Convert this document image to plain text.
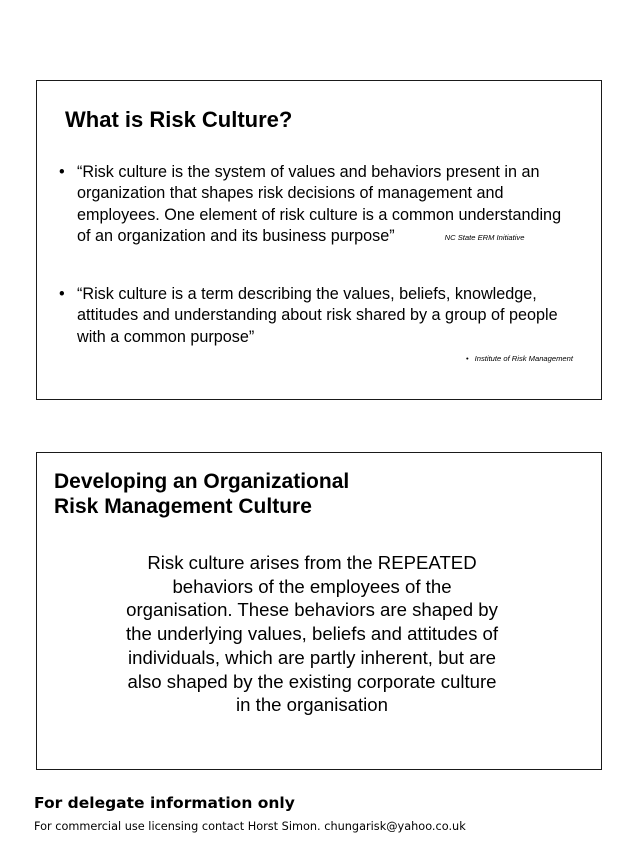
What is Risk Culture?
• “Risk culture is the system of values and behaviors present in an organization that shapes risk decisions of management and employees. One element of risk culture is a common understanding of an organization and its business purpose”	NC State ERM Initiative
• “Risk culture is a term describing the values, beliefs, knowledge, attitudes and understanding about risk shared by a group of people with a common purpose”
• Institute of Risk Management
Developing an Organizational
Risk Management Culture
Risk culture arises from the REPEATED
behaviors of the employees of the
organisation. These behaviors are shaped by
the underlying values, beliefs and attitudes of
individuals, which are partly inherent, but are
also shaped by the existing corporate culture
in the organisation
For delegate information only
For commercial use licensing contact Horst Simon. chungarisk@yahoo.co.uk
